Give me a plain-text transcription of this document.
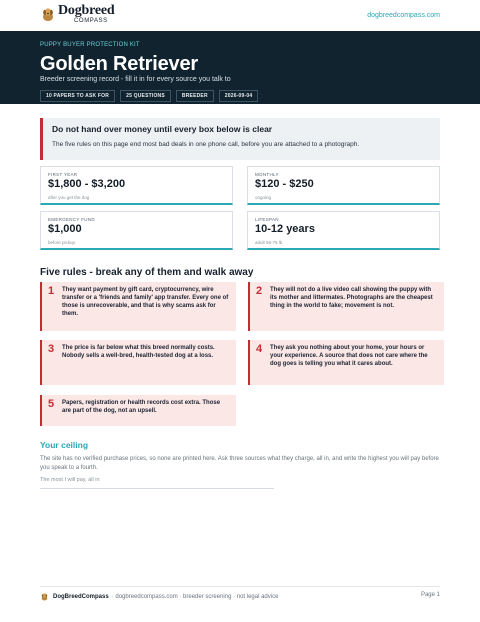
Dogbreed
COMPASS
dogbreedcompass.com
PUPPY BUYER PROTECTION KIT
Golden Retriever
Breeder screening record - fill it in for every source you talk to
10 PAPERS TO ASK FOR	25 QUESTIONS	BREEDER	2026-09-04
Do not hand over money until every box below is clear
The five rules on this page end most bad deals in one phone call, before you are attached to a photograph.
FIRST YEAR
$1,800 - $3,200
after you get the dog
MONTHLY
$120 - $250
ongoing
EMERGENCY FUND
$1,000
before pickup
LIFESPAN
10-12 years
adult 55-75 lb
Five rules - break any of them and walk away
1 They want payment by gift card, cryptocurrency, wire transfer or a 'friends and family' app transfer. Every one of those is unrecoverable, and that is why scams ask for them.
2 They will not do a live video call showing the puppy with its mother and littermates. Photographs are the cheapest thing in the world to fake; movement is not.
3 The price is far below what this breed normally costs. Nobody sells a well-bred, health-tested dog at a loss.
4 They ask you nothing about your home, your hours or your experience. A source that does not care where the dog goes is telling you what it cares about.
5 Papers, registration or health records cost extra. Those are part of the dog, not an upsell.
Your ceiling
The site has no verified purchase prices, so none are printed here. Ask three sources what they charge, all in, and write the highest you will pay before you speak to a fourth.
The most I will pay, all in
DogBreedCompass · dogbreedcompass.com · breeder screening · not legal advice	Page 1
